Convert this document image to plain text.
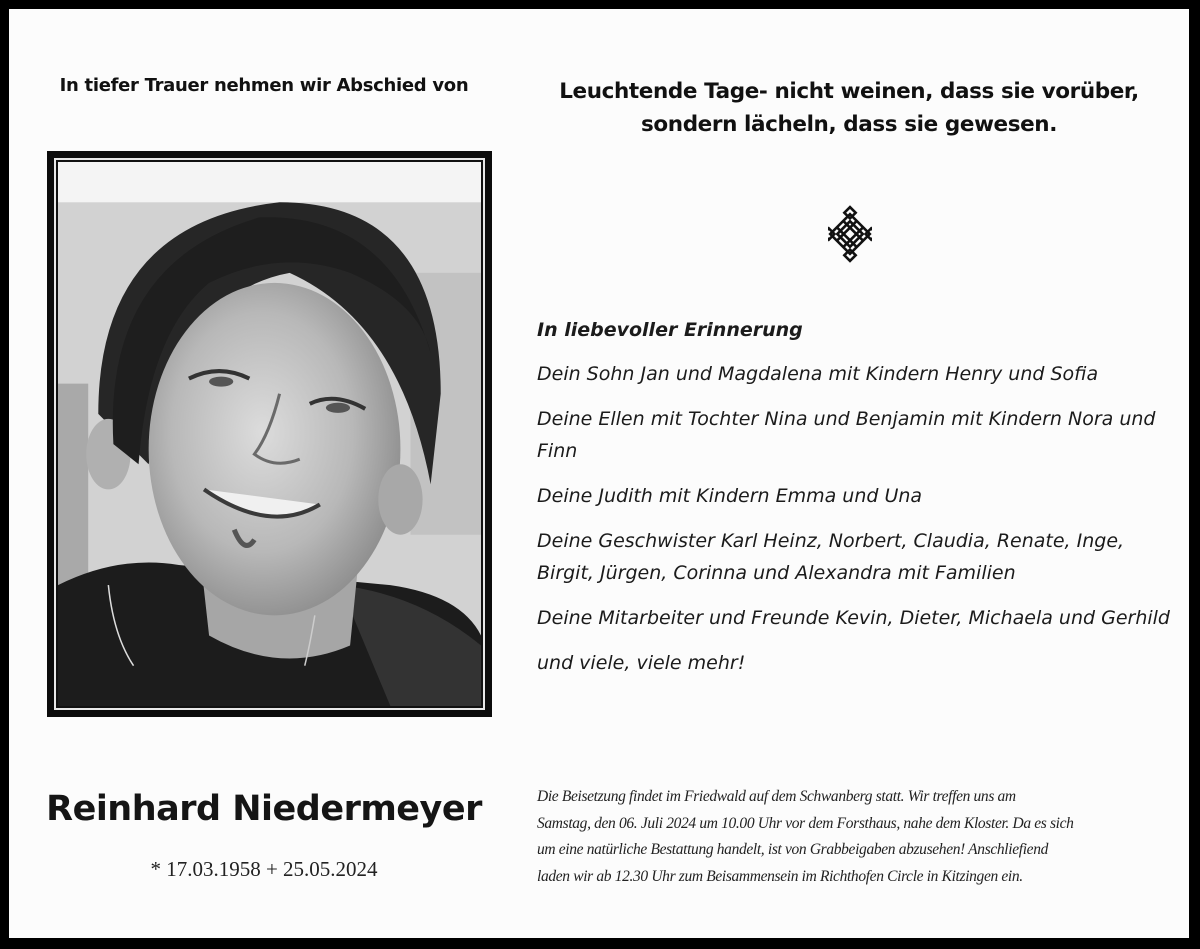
In tiefer Trauer nehmen wir Abschied von	Leuchtende Tage- nicht weinen, dass sie vorüber,
sondern lächeln, dass sie gewesen.
Reinhard Niedermeyer
* 17.03.1958 + 25.05.2024
In liebevoller Erinnerung
Dein Sohn Jan und Magdalena mit Kindern Henry und Sofia
Deine Ellen mit Tochter Nina und Benjamin mit Kindern Nora und Finn
Deine Judith mit Kindern Emma und Una
Deine Geschwister Karl Heinz, Norbert, Claudia, Renate, Inge, Birgit, Jürgen, Corinna und Alexandra mit Familien
Deine Mitarbeiter und Freunde Kevin, Dieter, Michaela und Gerhild
und viele, viele mehr!
Die Beisetzung findet im Friedwald auf dem Schwanberg statt. Wir treffen uns am
Samstag, den 06. Juli 2024 um 10.00 Uhr vor dem Forsthaus, nahe dem Kloster. Da es sich
um eine natürliche Bestattung handelt, ist von Grabbeigaben abzusehen! Anschliefiend
laden wir ab 12.30 Uhr zum Beisammensein im Richthofen Circle in Kitzingen ein.
